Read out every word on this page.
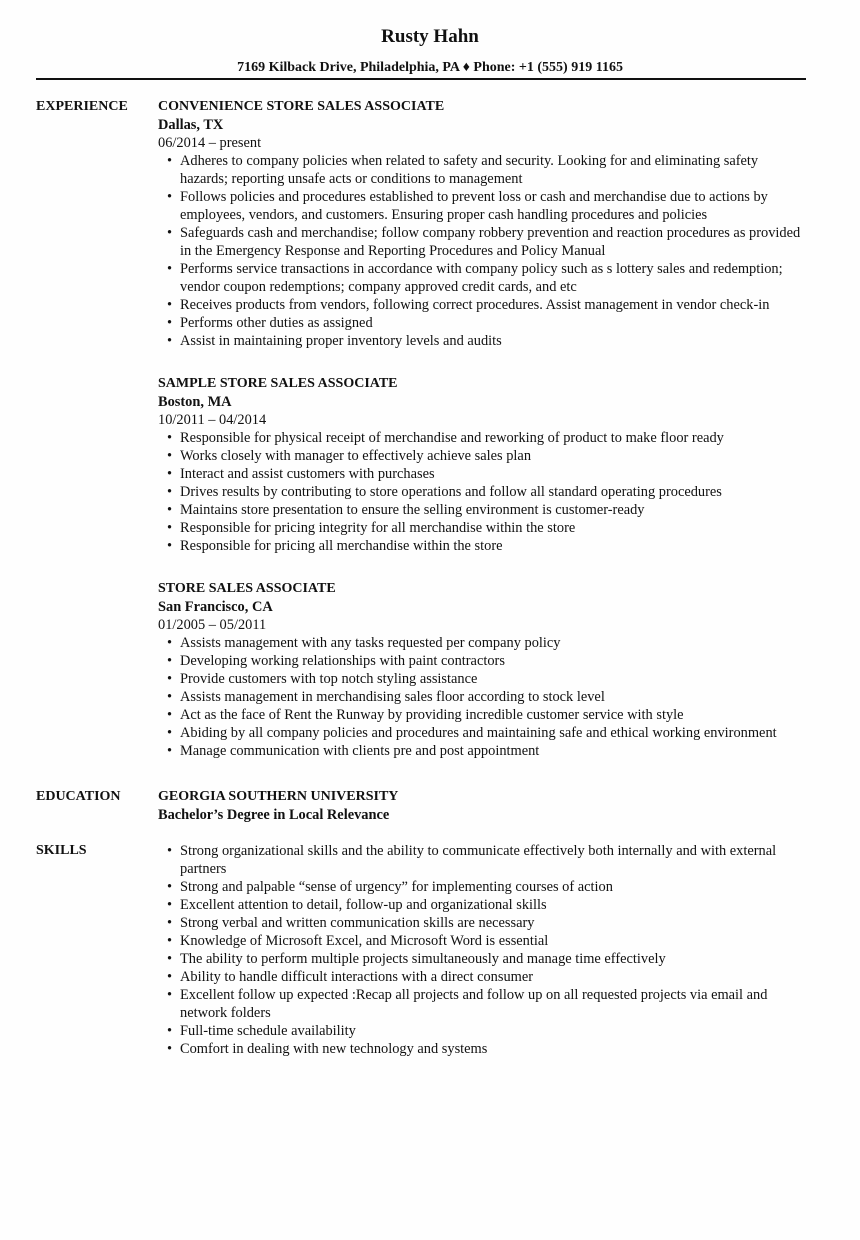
Rusty Hahn
7169 Kilback Drive, Philadelphia, PA ♦ Phone: +1 (555) 919 1165
EXPERIENCE	CONVENIENCE STORE SALES ASSOCIATE
Dallas, TX
06/2014 – present
• Adheres to company policies when related to safety and security. Looking for and eliminating safety hazards; reporting unsafe acts or conditions to management
• Follows policies and procedures established to prevent loss or cash and merchandise due to actions by employees, vendors, and customers. Ensuring proper cash handling procedures and policies
• Safeguards cash and merchandise; follow company robbery prevention and reaction procedures as provided in the Emergency Response and Reporting Procedures and Policy Manual
• Performs service transactions in accordance with company policy such as s lottery sales and redemption; vendor coupon redemptions; company approved credit cards, and etc
• Receives products from vendors, following correct procedures. Assist management in vendor check-in
• Performs other duties as assigned
• Assist in maintaining proper inventory levels and audits
SAMPLE STORE SALES ASSOCIATE
Boston, MA
10/2011 – 04/2014
• Responsible for physical receipt of merchandise and reworking of product to make floor ready
• Works closely with manager to effectively achieve sales plan
• Interact and assist customers with purchases
• Drives results by contributing to store operations and follow all standard operating procedures
• Maintains store presentation to ensure the selling environment is customer-ready
• Responsible for pricing integrity for all merchandise within the store
• Responsible for pricing all merchandise within the store
STORE SALES ASSOCIATE
San Francisco, CA
01/2005 – 05/2011
• Assists management with any tasks requested per company policy
• Developing working relationships with paint contractors
• Provide customers with top notch styling assistance
• Assists management in merchandising sales floor according to stock level
• Act as the face of Rent the Runway by providing incredible customer service with style
• Abiding by all company policies and procedures and maintaining safe and ethical working environment
• Manage communication with clients pre and post appointment
EDUCATION	GEORGIA SOUTHERN UNIVERSITY
Bachelor’s Degree in Local Relevance
SKILLS	• Strong organizational skills and the ability to communicate effectively both internally and with external partners
• Strong and palpable “sense of urgency” for implementing courses of action
• Excellent attention to detail, follow-up and organizational skills
• Strong verbal and written communication skills are necessary
• Knowledge of Microsoft Excel, and Microsoft Word is essential
• The ability to perform multiple projects simultaneously and manage time effectively
• Ability to handle difficult interactions with a direct consumer
• Excellent follow up expected :Recap all projects and follow up on all requested projects via email and network folders
• Full-time schedule availability
• Comfort in dealing with new technology and systems
